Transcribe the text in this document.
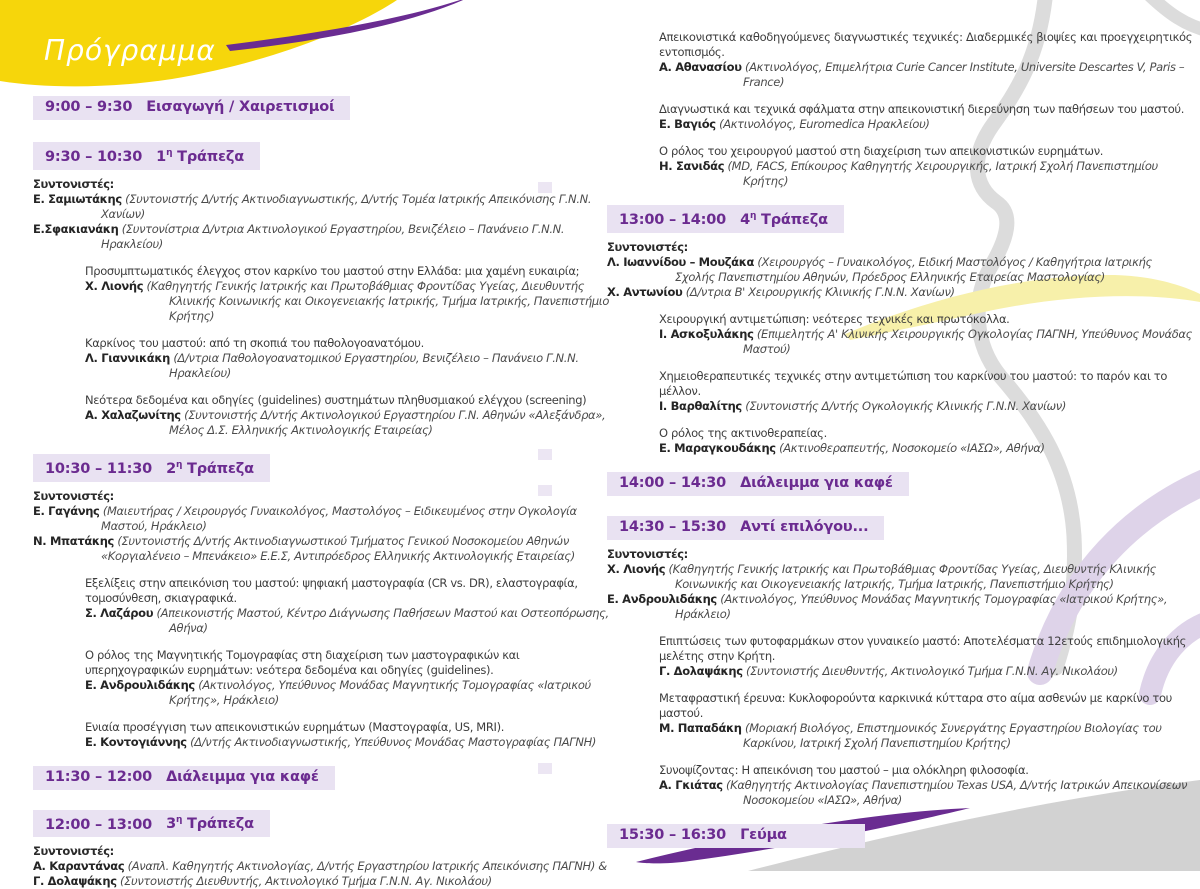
Πρόγραμμα
9:00 – 9:30 Εισαγωγή / Χαιρετισμοί
9:30 – 10:30 $1^\eta$ Τράπεζα
Συντονιστές:
Ε. Σαμιωτάκης (Συντονιστής Δ/ντής Ακτινοδιαγνωστικής, Δ/ντής Τομέα Ιατρικής Απεικόνισης Γ.Ν.Ν. Χανίων)
Ε.Σφακιανάκη (Συντονίστρια Δ/ντρια Ακτινολογικού Εργαστηρίου, Βενιζέλειο – Πανάνειο Γ.Ν.Ν. Ηρακλείου)
Προσυμπτωματικός έλεγχος στον καρκίνο του μαστού στην Ελλάδα: μια χαμένη ευκαιρία;
Χ. Λιονής (Καθηγητής Γενικής Ιατρικής και Πρωτοβάθμιας Φροντίδας Υγείας, Διευθυντής Κλινικής Κοινωνικής και Οικογενειακής Ιατρικής, Τμήμα Ιατρικής, Πανεπιστήμιο Κρήτης)
Καρκίνος του μαστού: από τη σκοπιά του παθολογοανατόμου.
Λ. Γιαννικάκη (Δ/ντρια Παθολογοανατομικού Εργαστηρίου, Βενιζέλειο – Πανάνειο Γ.Ν.Ν. Ηρακλείου)
Νεότερα δεδομένα και οδηγίες (guidelines) συστημάτων πληθυσμιακού ελέγχου (screening)
Α. Χαλαζωνίτης (Συντονιστής Δ/ντής Ακτινολογικού Εργαστηρίου Γ.Ν. Αθηνών «Αλεξάνδρα», Μέλος Δ.Σ. Ελληνικής Ακτινολογικής Εταιρείας)
10:30 – 11:30 $2^\eta$ Τράπεζα
Συντονιστές:
Ε. Γαγάνης (Μαιευτήρας / Χειρουργός Γυναικολόγος, Μαστολόγος – Ειδικευμένος στην Ογκολογία Μαστού, Ηράκλειο)
Ν. Μπατάκης (Συντονιστής Δ/ντής Ακτινοδιαγνωστικού Τμήματος Γενικού Νοσοκομείου Αθηνών «Κοργιαλένειο – Μπενάκειο» Ε.Ε.Σ, Αντιπρόεδρος Ελληνικής Ακτινολογικής Εταιρείας)
Εξελίξεις στην απεικόνιση του μαστού: ψηφιακή μαστογραφία (CR vs. DR), ελαστογραφία, τομοσύνθεση, σκιαγραφικά.
Σ. Λαζάρου (Απεικονιστής Μαστού, Κέντρο Διάγνωσης Παθήσεων Μαστού και Οστεοπόρωσης, Αθήνα)
Ο ρόλος της Μαγνητικής Τομογραφίας στη διαχείριση των μαστογραφικών και υπερηχογραφικών ευρημάτων: νεότερα δεδομένα και οδηγίες (guidelines).
Ε. Ανδρουλιδάκης (Ακτινολόγος, Υπεύθυνος Μονάδας Μαγνητικής Τομογραφίας «Ιατρικού Κρήτης», Ηράκλειο)
Ενιαία προσέγγιση των απεικονιστικών ευρημάτων (Μαστογραφία, US, MRI).
Ε. Κοντογιάννης (Δ/ντής Ακτινοδιαγνωστικής, Υπεύθυνος Μονάδας Μαστογραφίας ΠΑΓΝΗ)
11:30 – 12:00 Διάλειμμα για καφέ
12:00 – 13:00 $3^\eta$ Τράπεζα
Συντονιστές:
Α. Καραντάνας (Αναπλ. Καθηγητής Ακτινολογίας, Δ/ντής Εργαστηρίου Ιατρικής Απεικόνισης ΠΑΓΝΗ) &
Γ. Δολαψάκης (Συντονιστής Διευθυντής, Ακτινολογικό Τμήμα Γ.Ν.Ν. Αγ. Νικολάου)
Απεικονιστικά καθοδηγούμενες διαγνωστικές τεχνικές: Διαδερμικές βιοψίες και προεγχειρητικός εντοπισμός.
Α. Αθανασίου (Ακτινολόγος, Επιμελήτρια Curie Cancer Institute, Universite Descartes V, Paris – France)
Διαγνωστικά και τεχνικά σφάλματα στην απεικονιστική διερεύνηση των παθήσεων του μαστού.
Ε. Βαγιός (Ακτινολόγος, Euromedica Ηρακλείου)
Ο ρόλος του χειρουργού μαστού στη διαχείριση των απεικονιστικών ευρημάτων.
Η. Σανιδάς (MD, FACS, Επίκουρος Καθηγητής Χειρουργικής, Ιατρική Σχολή Πανεπιστημίου Κρήτης)
13:00 – 14:00 $4^\eta$ Τράπεζα
Συντονιστές:
Λ. Ιωαννίδου – Μουζάκα (Χειρουργός – Γυναικολόγος, Ειδική Μαστολόγος / Καθηγήτρια Ιατρικής Σχολής Πανεπιστημίου Αθηνών, Πρόεδρος Ελληνικής Εταιρείας Μαστολογίας)
Χ. Αντωνίου (Δ/ντρια Β' Χειρουργικής Κλινικής Γ.Ν.Ν. Χανίων)
Χειρουργική αντιμετώπιση: νεότερες τεχνικές και πρωτόκολλα.
Ι. Ασκοξυλάκης (Επιμελητής Α' Κλινικής Χειρουργικής Ογκολογίας ΠΑΓΝΗ, Υπεύθυνος Μονάδας Μαστού)
Χημειοθεραπευτικές τεχνικές στην αντιμετώπιση του καρκίνου του μαστού: το παρόν και το μέλλον.
Ι. Βαρθαλίτης (Συντονιστής Δ/ντής Ογκολογικής Κλινικής Γ.Ν.Ν. Χανίων)
Ο ρόλος της ακτινοθεραπείας.
Ε. Μαραγκουδάκης (Ακτινοθεραπευτής, Νοσοκομείο «ΙΑΣΩ», Αθήνα)
14:00 – 14:30 Διάλειμμα για καφέ
14:30 – 15:30 Αντί επιλόγου...
Συντονιστές:
Χ. Λιονής (Καθηγητής Γενικής Ιατρικής και Πρωτοβάθμιας Φροντίδας Υγείας, Διευθυντής Κλινικής Κοινωνικής και Οικογενειακής Ιατρικής, Τμήμα Ιατρικής, Πανεπιστήμιο Κρήτης)
Ε. Ανδρουλιδάκης (Ακτινολόγος, Υπεύθυνος Μονάδας Μαγνητικής Τομογραφίας «Ιατρικού Κρήτης», Ηράκλειο)
Επιπτώσεις των φυτοφαρμάκων στον γυναικείο μαστό: Αποτελέσματα 12ετούς επιδημιολογικής μελέτης στην Κρήτη.
Γ. Δολαψάκης (Συντονιστής Διευθυντής, Ακτινολογικό Τμήμα Γ.Ν.Ν. Αγ. Νικολάου)
Μεταφραστική έρευνα: Κυκλοφορούντα καρκινικά κύτταρα στο αίμα ασθενών με καρκίνο του μαστού.
Μ. Παπαδάκη (Μοριακή Βιολόγος, Επιστημονικός Συνεργάτης Εργαστηρίου Βιολογίας του Καρκίνου, Ιατρική Σχολή Πανεπιστημίου Κρήτης)
Συνοψίζοντας: Η απεικόνιση του μαστού – μια ολόκληρη φιλοσοφία.
Α. Γκιάτας (Καθηγητής Ακτινολογίας Πανεπιστημίου Texas USA, Δ/ντής Ιατρικών Απεικονίσεων Νοσοκομείου «ΙΑΣΩ», Αθήνα)
15:30 – 16:30 Γεύμα
